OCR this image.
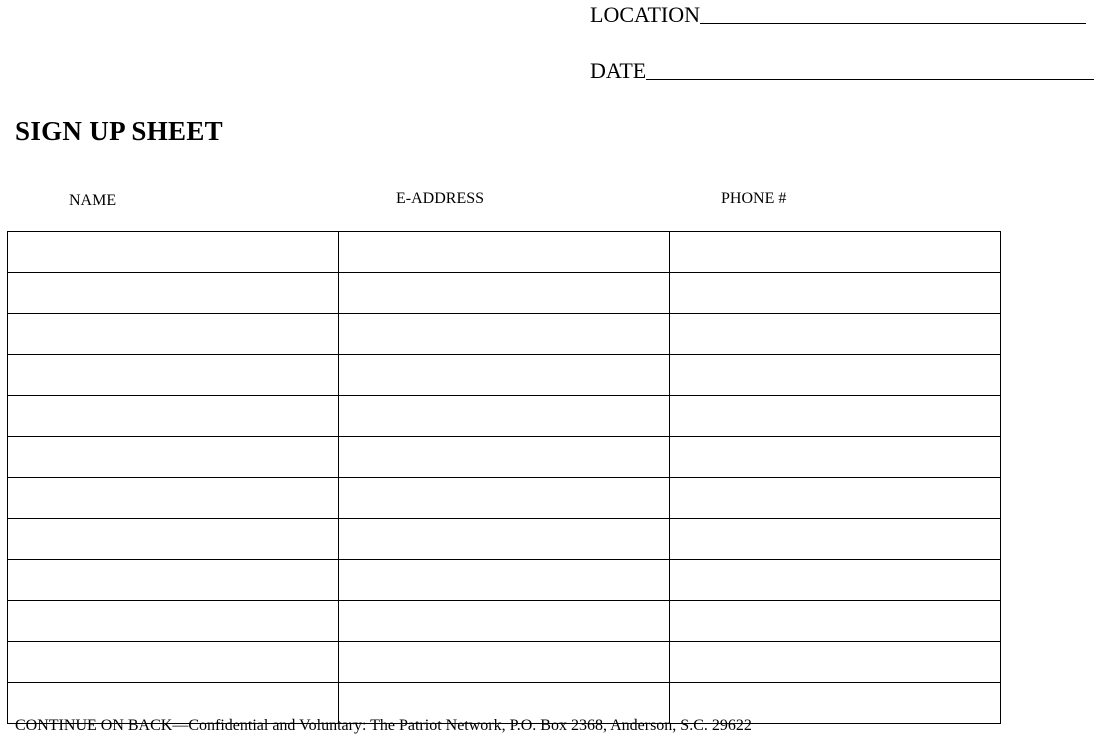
LOCATION
DATE
SIGN UP SHEET
NAME	E-ADDRESS	PHONE #

CONTINUE ON BACK—Confidential and Voluntary: The Patriot Network, P.O. Box 2368, Anderson, S.C. 29622
